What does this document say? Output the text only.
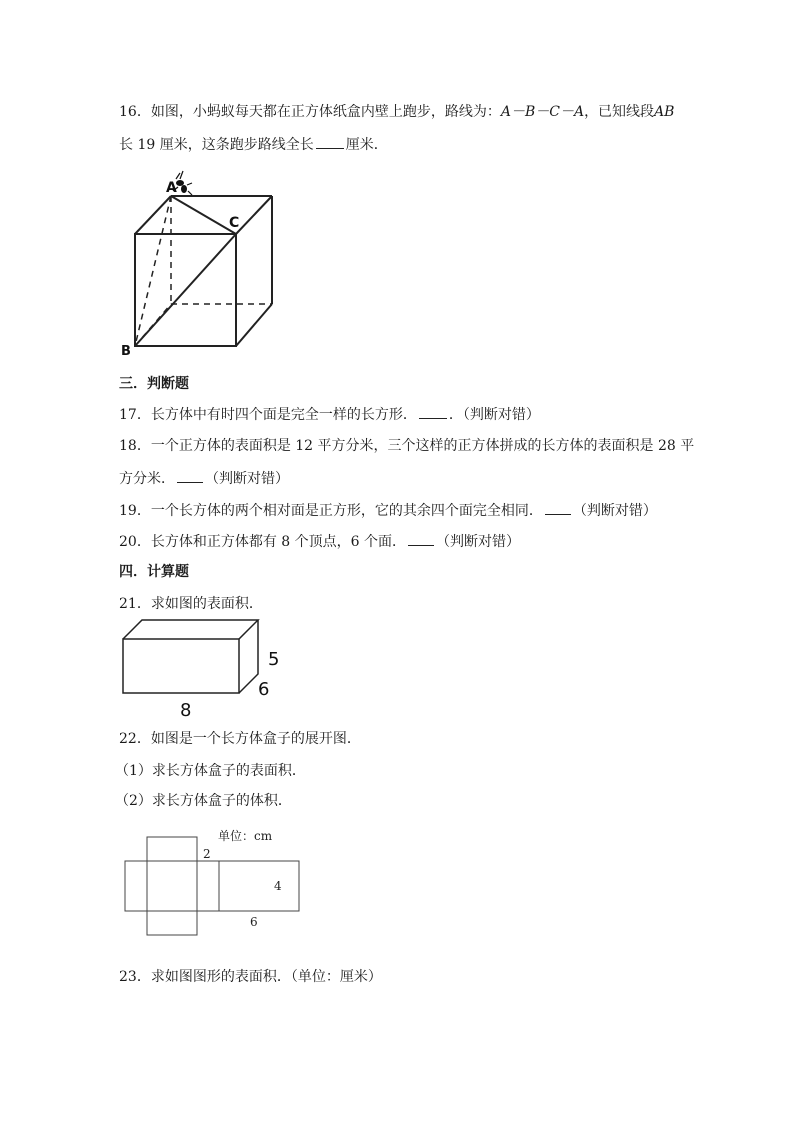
16．如图，小蚂蚁每天都在正方体纸盒内壁上跑步，路线为：A－B－C－A，已知线段AB
长 19 厘米，这条跑步路线全长 厘米．
A
C
B
三．判断题
17．长方体中有时四个面是完全一样的长方形． ．（判断对错）
18．一个正方体的表面积是 12 平方分米，三个这样的正方体拼成的长方体的表面积是 28 平
方分米． （判断对错）
19．一个长方体的两个相对面是正方形，它的其余四个面完全相同． （判断对错）
20．长方体和正方体都有 8 个顶点，6 个面． （判断对错）
四．计算题
21．求如图的表面积．
5
6
8
22．如图是一个长方体盒子的展开图．
（1）求长方体盒子的表面积．
（2）求长方体盒子的体积．
单位：cm
2
4
6
23．求如图图形的表面积．（单位：厘米）
